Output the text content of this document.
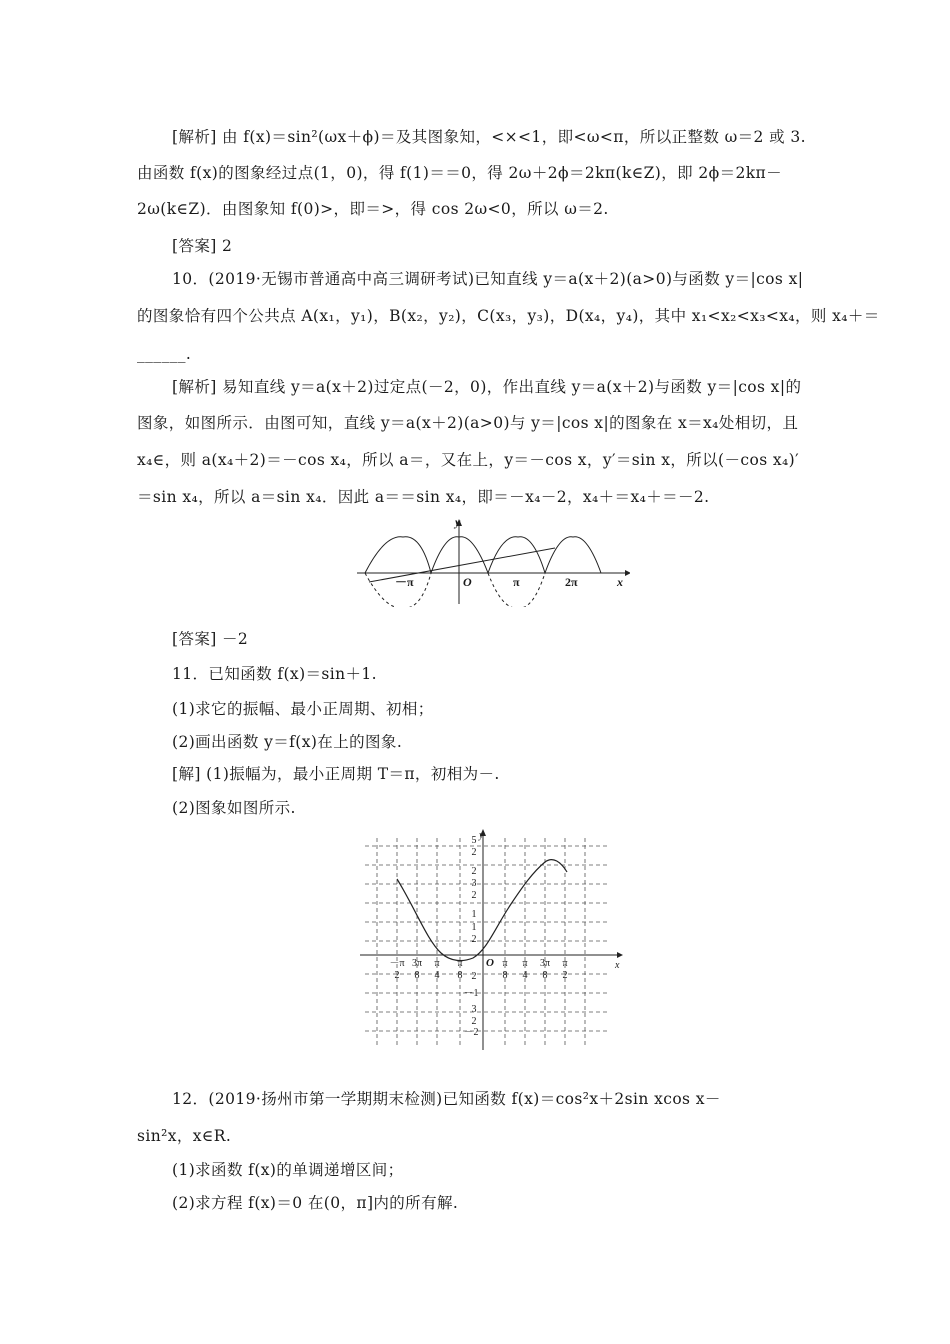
[解析] 由 f(x)＝sin²(ωx＋ϕ)＝及其图象知，<×<1，即<ω<π，所以正整数 ω＝2 或 3.
由函数 f(x)的图象经过点(1，0)，得 f(1)＝＝0，得 2ω＋2ϕ＝2kπ(k∈Z)，即 2ϕ＝2kπ－
2ω(k∈Z)．由图象知 f(0)>，即＝>，得 cos 2ω<0，所以 ω＝2.
[答案] 2
10．(2019·无锡市普通高中高三调研考试)已知直线 y＝a(x＋2)(a>0)与函数 y＝|cos x|
的图象恰有四个公共点 A(x₁，y₁)，B(x₂，y₂)，C(x₃，y₃)，D(x₄，y₄)，其中 x₁<x₂<x₃<x₄，则 x₄＋＝
______.
[解析] 易知直线 y＝a(x＋2)过定点(－2，0)，作出直线 y＝a(x＋2)与函数 y＝|cos x|的
图象，如图所示．由图可知，直线 y＝a(x＋2)(a>0)与 y＝|cos x|的图象在 x＝x₄处相切，且
x₄∈，则 a(x₄＋2)＝－cos x₄，所以 a＝，又在上，y＝－cos x，y′＝sin x，所以(－cos x₄)′
＝sin x₄，所以 a＝sin x₄．因此 a＝＝sin x₄，即＝－x₄－2，x₄＋＝x₄＋＝－2.
[答案] －2
11．已知函数 f(x)＝sin＋1.
(1)求它的振幅、最小正周期、初相；
(2)画出函数 y＝f(x)在上的图象.
[解] (1)振幅为，最小正周期 T＝π，初相为－.
(2)图象如图所示.
12．(2019·扬州市第一学期期末检测)已知函数 f(x)＝cos²x＋2sin xcos x－
sin²x，x∈R.
(1)求函数 f(x)的单调递增区间；
(2)求方程 f(x)＝0 在(0，π]内的所有解.
y
x
O
－π	π	2π
y
x
O
－π
2
3π
8
π
4
π
8
π
8
π
4
3π
8
π
2
5
2
2
3
2
1
1
2
2
－1
3
2
－2
